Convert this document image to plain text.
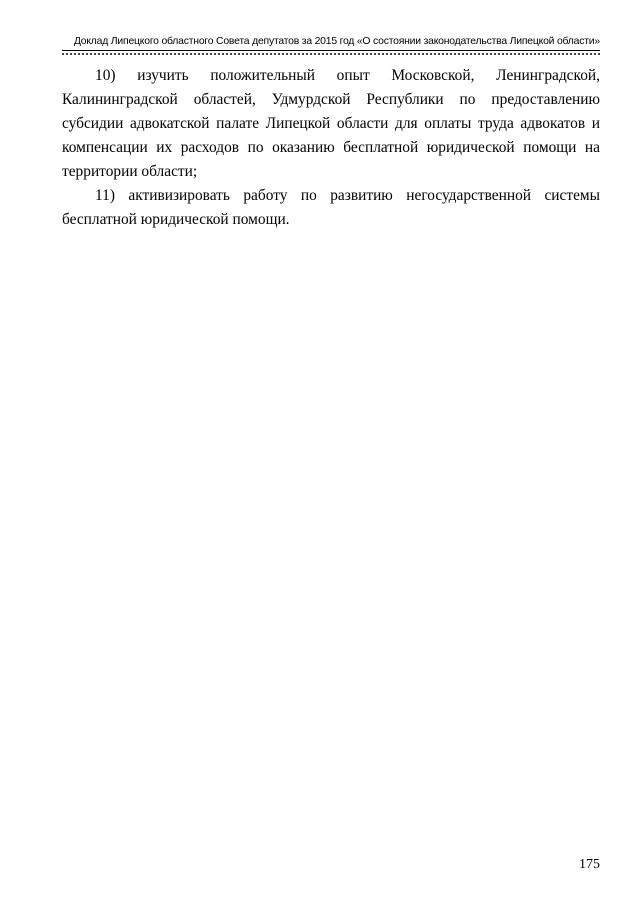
Доклад Липецкого областного Совета депутатов за 2015 год «О состоянии законодательства Липецкой области»

10) изучить положительный опыт Московской, Ленинградской, Калининградской областей, Удмурдской Республики по предоставлению субсидии адвокатской палате Липецкой области для оплаты труда адвокатов и компенсации их расходов по оказанию бесплатной юридической помощи на территории области;

11) активизировать работу по развитию негосударственной системы бесплатной юридической помощи.

175
